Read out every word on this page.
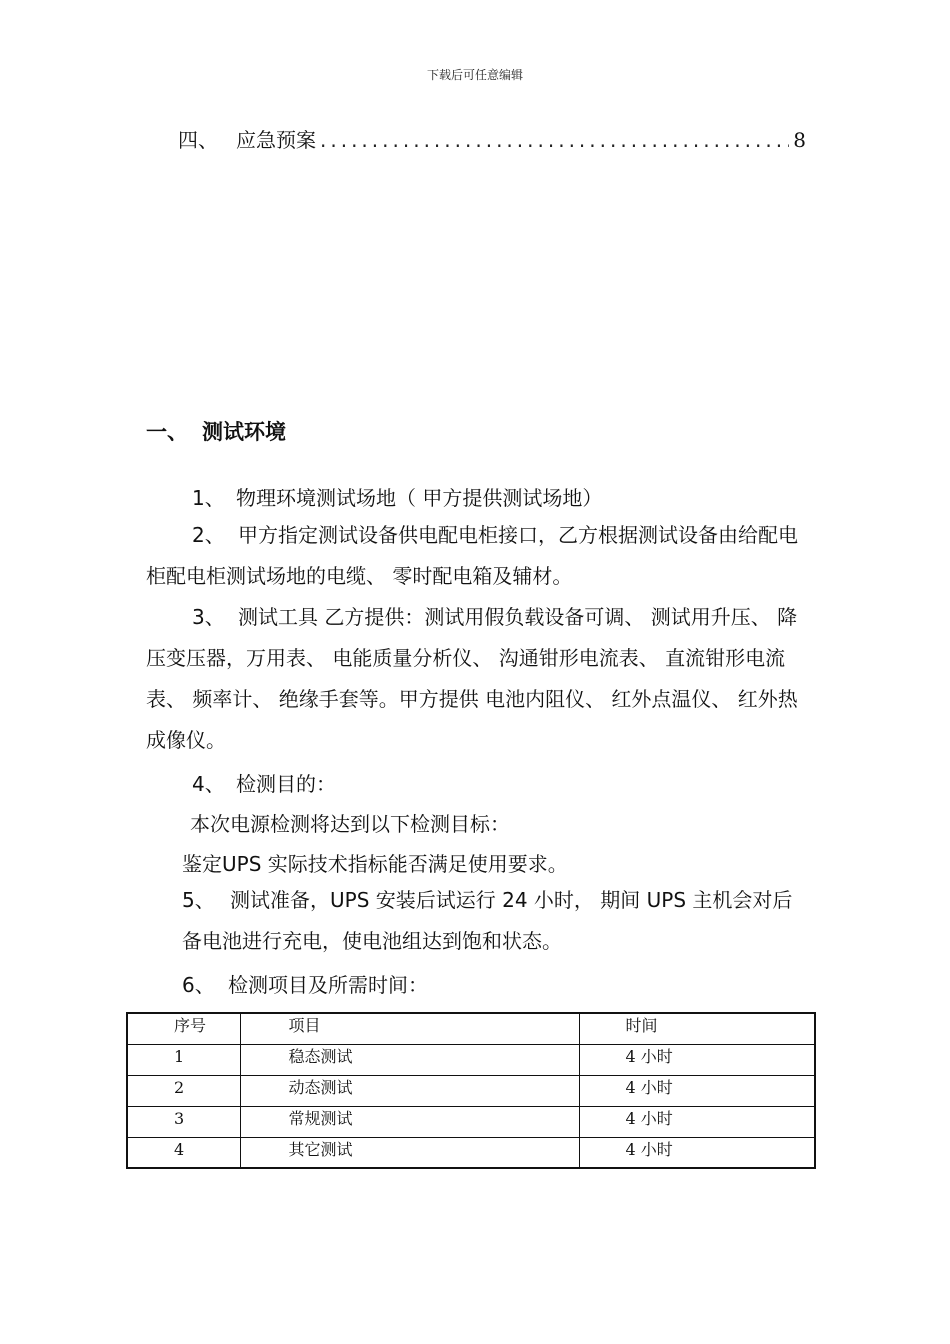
下载后可任意编辑
四、 应急预案 .....	8
一、 测试环境
1、 物理环境测试场地（ 甲方提供测试场地）
2、 甲方指定测试设备供电配电柜接口，乙方根据测试设备由给配电柜配电柜测试场地的电缆、 零时配电箱及辅材。
3、 测试工具 乙方提供：测试用假负载设备可调、 测试用升压、 降压变压器，万用表、 电能质量分析仪、 沟通钳形电流表、 直流钳形电流表、 频率计、 绝缘手套等。甲方提供 电池内阻仪、 红外点温仪、 红外热成像仪。
4、 检测目的：
本次电源检测将达到以下检测目标：
鉴定UPS 实际技术指标能否满足使用要求。
5、 测试准备，UPS 安装后试运行 24 小时， 期间 UPS 主机会对后备电池进行充电，使电池组达到饱和状态。
6、 检测项目及所需时间：
序号	项目	时间
1	稳态测试	4 小时
2	动态测试	4 小时
3	常规测试	4 小时
4	其它测试	4 小时
